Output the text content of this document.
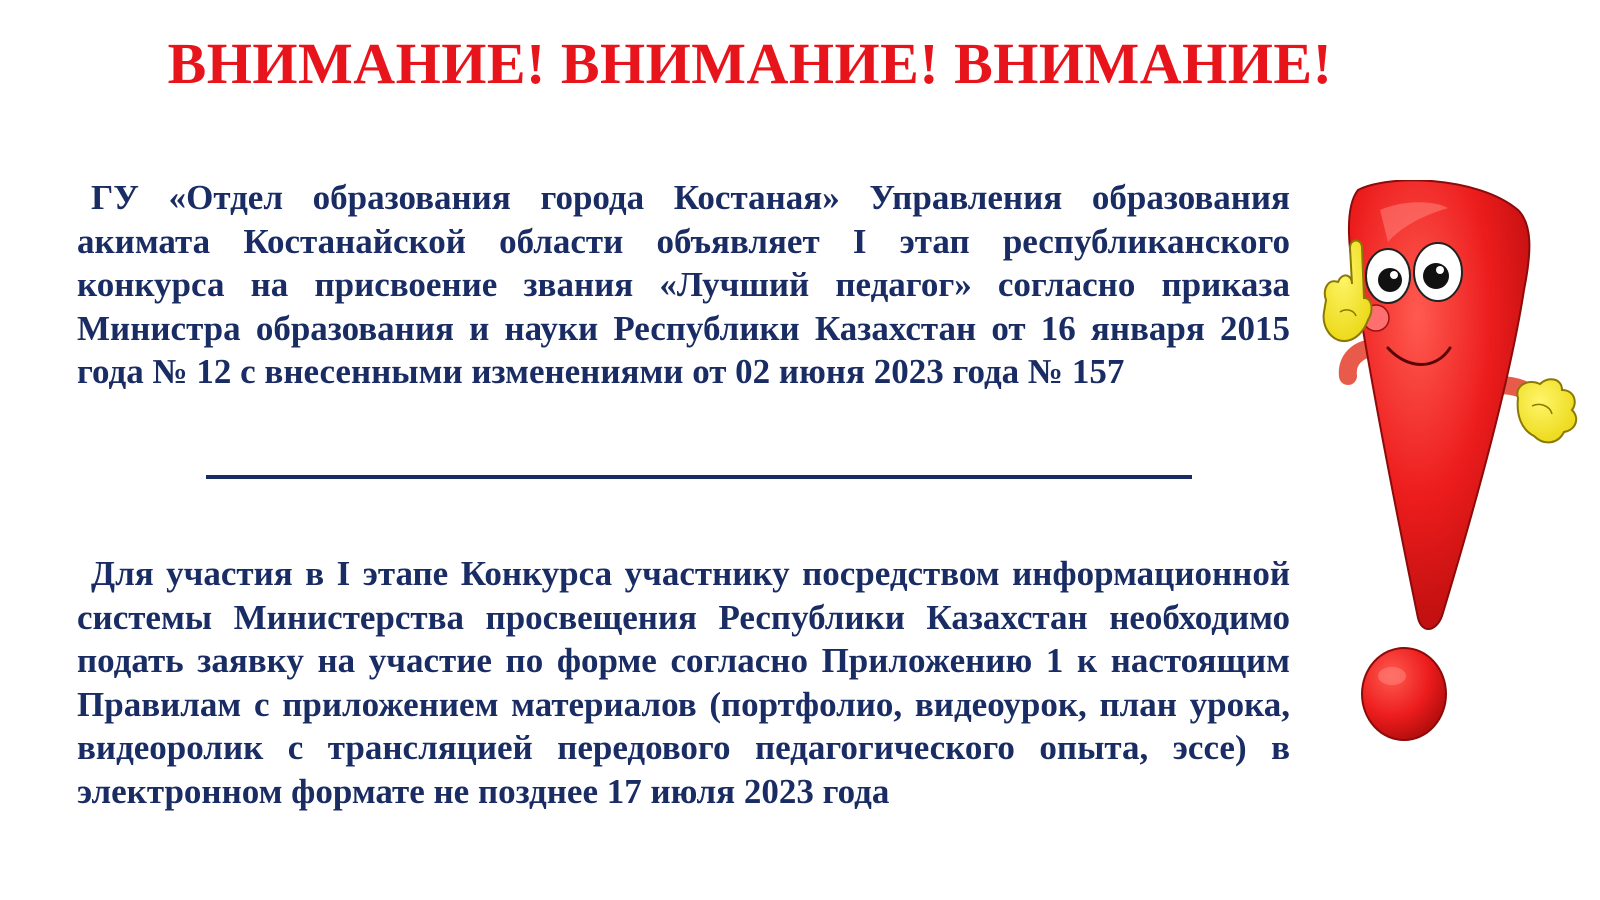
ВНИМАНИЕ! ВНИМАНИЕ! ВНИМАНИЕ!

ГУ «Отдел образования города Костаная» Управления образования акимата Костанайской области объявляет I этап республиканского конкурса на присвоение звания «Лучший педагог» согласно приказа Министра образования и науки Республики Казахстан от 16 января 2015 года № 12 с внесенными изменениями от 02 июня 2023 года № 157

Для участия в I этапе Конкурса участнику посредством информационной системы Министерства просвещения Республики Казахстан необходимо подать заявку на участие по форме согласно Приложению 1 к настоящим Правилам с приложением материалов (портфолио, видеоурок, план урока, видеоролик с трансляцией передового педагогического опыта, эссе) в электронном формате не позднее 17 июля 2023 года
